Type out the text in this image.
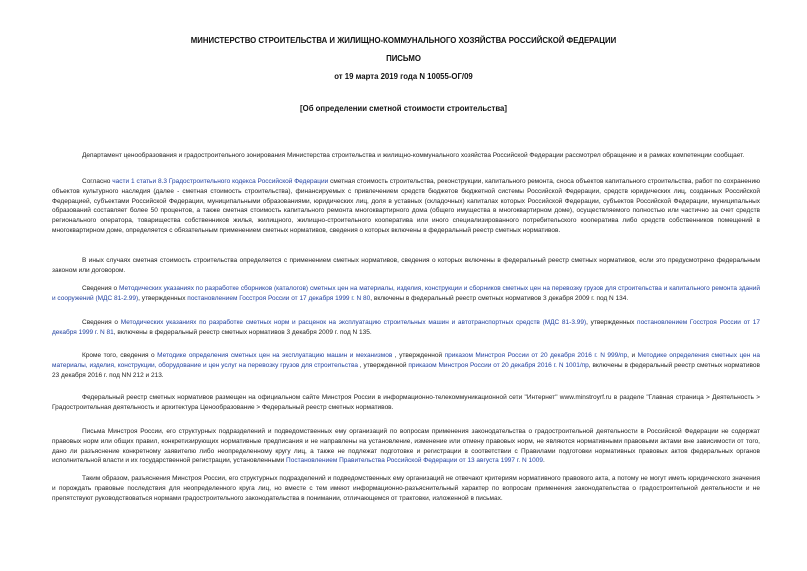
МИНИСТЕРСТВО СТРОИТЕЛЬСТВА И ЖИЛИЩНО-КОММУНАЛЬНОГО ХОЗЯЙСТВА РОССИЙСКОЙ ФЕДЕРАЦИИ
ПИСЬМО
от 19 марта 2019 года N 10055-ОГ/09
[Об определении сметной стоимости строительства]

Департамент ценообразования и градостроительного зонирования Министерства строительства и жилищно-коммунального хозяйства Российской Федерации рассмотрел обращение и в рамках компетенции сообщает.

Согласно части 1 статьи 8.3 Градостроительного кодекса Российской Федерации сметная стоимость строительства, реконструкции, капитального ремонта, сноса объектов капитального строительства, работ по сохранению объектов культурного наследия (далее - сметная стоимость строительства), финансируемых с привлечением средств бюджетов бюджетной системы Российской Федерации, средств юридических лиц, созданных Российской Федерацией, субъектами Российской Федерации, муниципальными образованиями, юридических лиц, доля в уставных (складочных) капиталах которых Российской Федерации, субъектов Российской Федерации, муниципальных образований составляет более 50 процентов, а также сметная стоимость капитального ремонта многоквартирного дома (общего имущества в многоквартирном доме), осуществляемого полностью или частично за счет средств регионального оператора, товарищества собственников жилья, жилищного, жилищно-строительного кооператива или иного специализированного потребительского кооператива либо средств собственников помещений в многоквартирном доме, определяется с обязательным применением сметных нормативов, сведения о которых включены в федеральный реестр сметных нормативов.

В иных случаях сметная стоимость строительства определяется с применением сметных нормативов, сведения о которых включены в федеральный реестр сметных нормативов, если это предусмотрено федеральным законом или договором.

Сведения о Методических указаниях по разработке сборников (каталогов) сметных цен на материалы, изделия, конструкции и сборников сметных цен на перевозку грузов для строительства и капитального ремонта зданий и сооружений (МДС 81-2.99), утвержденных постановлением Госстроя России от 17 декабря 1999 г. N 80, включены в федеральный реестр сметных нормативов 3 декабря 2009 г. под N 134.

Сведения о Методических указаниях по разработке сметных норм и расценок на эксплуатацию строительных машин и автотранспортных средств (МДС 81-3.99), утвержденных постановлением Госстроя России от 17 декабря 1999 г. N 81, включены в федеральный реестр сметных нормативов 3 декабря 2009 г. под N 135.

Кроме того, сведения о Методике определения сметных цен на эксплуатацию машин и механизмов , утвержденной приказом Минстроя России от 20 декабря 2016 г. N 999/пр, и Методике определения сметных цен на материалы, изделия, конструкции, оборудование и цен услуг на перевозку грузов для строительства , утвержденной приказом Минстроя России от 20 декабря 2016 г. N 1001/пр, включены в федеральный реестр сметных нормативов 23 декабря 2016 г. под NN 212 и 213.

Федеральный реестр сметных нормативов размещен на официальном сайте Минстроя России в информационно-телекоммуникационной сети "Интернет" www.minstroyrf.ru в разделе "Главная страница > Деятельность > Градостроительная деятельность и архитектура Ценообразование > Федеральный реестр сметных нормативов.

Письма Минстроя России, его структурных подразделений и подведомственных ему организаций по вопросам применения законодательства о градостроительной деятельности в Российской Федерации не содержат правовых норм или общих правил, конкретизирующих нормативные предписания и не направлены на установление, изменение или отмену правовых норм, не являются нормативными правовыми актами вне зависимости от того, дано ли разъяснение конкретному заявителю либо неопределенному кругу лиц, а также не подлежат подготовке и регистрации в соответствии с Правилами подготовки нормативных правовых актов федеральных органов исполнительной власти и их государственной регистрации, установленными Постановлением Правительства Российской Федерации от 13 августа 1997 г. N 1009.

Таким образом, разъяснения Минстроя России, его структурных подразделений и подведомственных ему организаций не отвечают критериям нормативного правового акта, а потому не могут иметь юридического значения и порождать правовые последствия для неопределенного круга лиц, но вместе с тем имеют информационно-разъяснительный характер по вопросам применения законодательства о градостроительной деятельности и не препятствуют руководствоваться нормами градостроительного законодательства в понимании, отличающемся от трактовки, изложенной в письмах.
